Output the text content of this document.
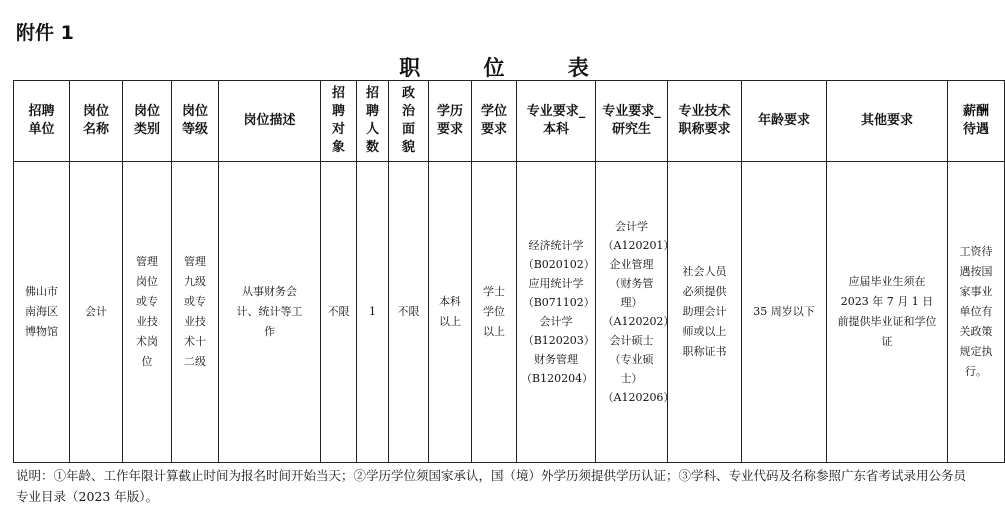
附件 1
职 位 表
招聘单位	岗位名称	岗位类别	岗位等级	岗位描述	招聘对象	招聘人数	政治面貌	学历要求	学位要求	专业要求_本科	专业要求_研究生	专业技术职称要求	年龄要求	其他要求	薪酬待遇

佛山市南海区博物馆	会计	管理岗位或专业技术岗位	管理九级或专业技术十二级	从事财务会计、统计等工作	不限	1	不限	本科以上	学士学位以上	经济统计学（B020102）应用统计学（B071102）会计学（B120203）财务管理（B120204）	会计学（A120201）企业管理（财务管理）（A120202）会计硕士（专业硕士）（A120206）	社会人员必须提供助理会计师或以上职称证书	35 周岁以下	应届毕业生须在 2023 年 7 月 1 日前提供毕业证和学位证	工资待遇按国家事业单位有关政策规定执行。
说明：①年龄、工作年限计算截止时间为报名时间开始当天；②学历学位须国家承认，国（境）外学历须提供学历认证；③学科、专业代码及名称参照广东省考试录用公务员专业目录（2023 年版）。
